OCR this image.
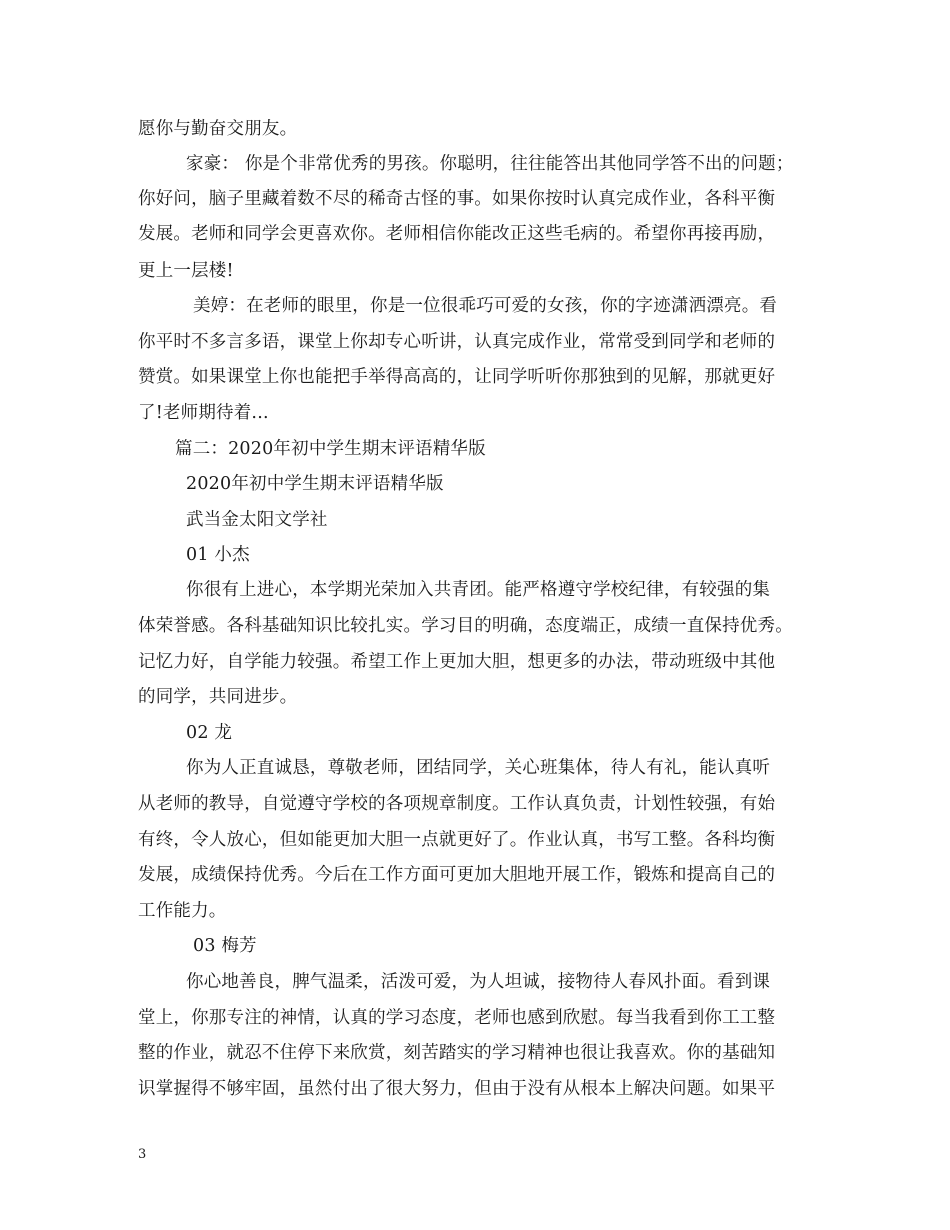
愿你与勤奋交朋友。
家豪： 你是个非常优秀的男孩。你聪明，往往能答出其他同学答不出的问题；
你好问，脑子里藏着数不尽的稀奇古怪的事。如果你按时认真完成作业，各科平衡
发展。老师和同学会更喜欢你。老师相信你能改正这些毛病的。希望你再接再励，
更上一层楼!
美婷：在老师的眼里，你是一位很乖巧可爱的女孩，你的字迹潇洒漂亮。看
你平时不多言多语，课堂上你却专心听讲，认真完成作业，常常受到同学和老师的
赞赏。如果课堂上你也能把手举得高高的，让同学听听你那独到的见解，那就更好
了!老师期待着...
篇二：2020年初中学生期末评语精华版
2020年初中学生期末评语精华版
武当金太阳文学社
01 小杰
你很有上进心，本学期光荣加入共青团。能严格遵守学校纪律，有较强的集
体荣誉感。各科基础知识比较扎实。学习目的明确，态度端正，成绩一直保持优秀。
记忆力好，自学能力较强。希望工作上更加大胆，想更多的办法，带动班级中其他
的同学，共同进步。
02 龙
你为人正直诚恳，尊敬老师，团结同学，关心班集体，待人有礼，能认真听
从老师的教导，自觉遵守学校的各项规章制度。工作认真负责，计划性较强，有始
有终，令人放心，但如能更加大胆一点就更好了。作业认真，书写工整。各科均衡
发展，成绩保持优秀。今后在工作方面可更加大胆地开展工作，锻炼和提高自己的
工作能力。
03 梅芳
你心地善良，脾气温柔，活泼可爱，为人坦诚，接物待人春风扑面。看到课
堂上，你那专注的神情，认真的学习态度，老师也感到欣慰。每当我看到你工工整
整的作业，就忍不住停下来欣赏，刻苦踏实的学习精神也很让我喜欢。你的基础知
识掌握得不够牢固，虽然付出了很大努力，但由于没有从根本上解决问题。如果平
3
